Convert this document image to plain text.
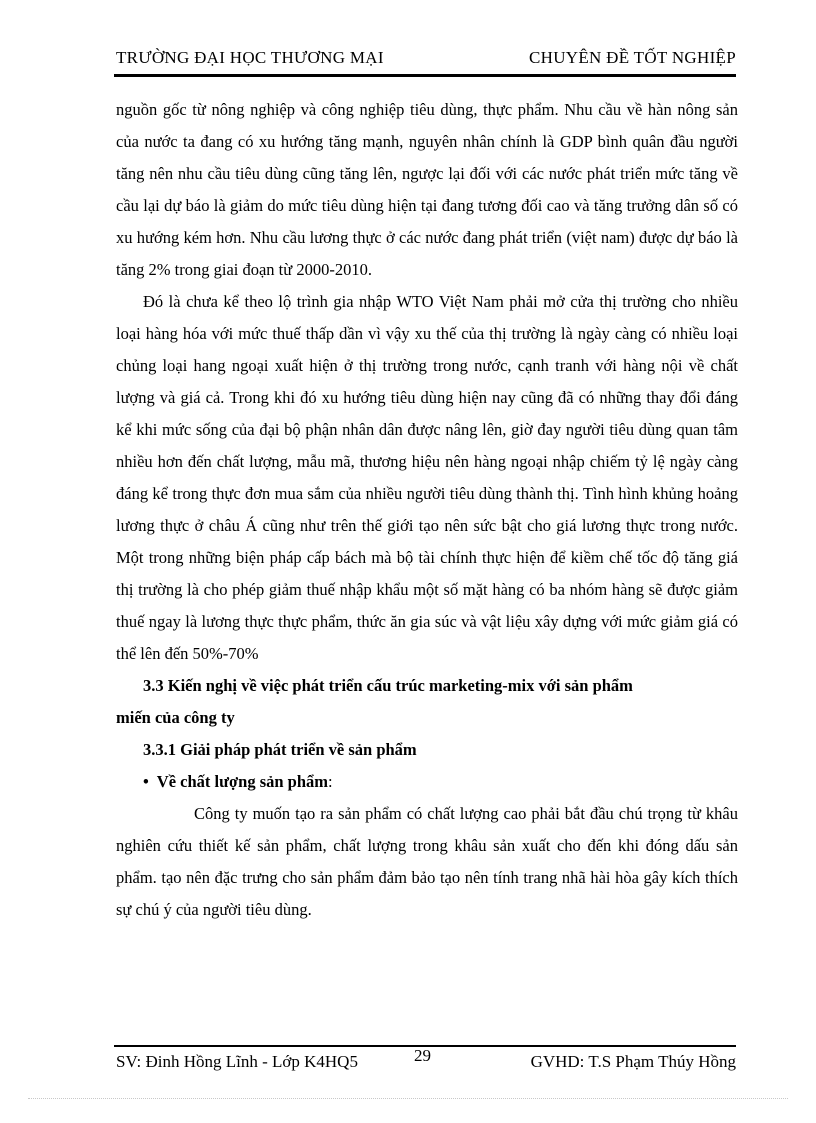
TRƯỜNG ĐẠI HỌC THƯƠNG MẠI	CHUYÊN ĐỀ TỐT NGHIỆP

nguồn gốc từ nông nghiệp và công nghiệp tiêu dùng, thực phẩm. Nhu cầu về hàn nông sản của nước ta đang có xu hướng tăng mạnh, nguyên nhân chính là GDP bình quân đầu người tăng nên nhu cầu tiêu dùng cũng tăng lên, ngược lại đối với các nước phát triển mức tăng về cầu lại dự báo là giảm do mức tiêu dùng hiện tại đang tương đối cao và tăng trưởng dân số có xu hướng kém hơn. Nhu cầu lương thực ở các nước đang phát triển (việt nam) được dự báo là tăng 2% trong giai đoạn từ 2000-2010.

Đó là chưa kể theo lộ trình gia nhập WTO Việt Nam phải mở cửa thị trường cho nhiều loại hàng hóa với mức thuế thấp dần vì vậy xu thế của thị trường là ngày càng có nhiều loại chủng loại hang ngoại xuất hiện ở thị trường trong nước, cạnh tranh với hàng nội về chất lượng và giá cả. Trong khi đó xu hướng tiêu dùng hiện nay cũng đã có những thay đổi đáng kể khi mức sống của đại bộ phận nhân dân được nâng lên, giờ đay người tiêu dùng quan tâm nhiều hơn đến chất lượng, mẫu mã, thương hiệu nên hàng ngoại nhập chiếm tỷ lệ ngày càng đáng kể trong thực đơn mua sắm của nhiều người tiêu dùng thành thị. Tình hình khủng hoảng lương thực ở châu Á cũng như trên thế giới tạo nên sức bật cho giá lương thực trong nước. Một trong những biện pháp cấp bách mà bộ tài chính thực hiện để kiềm chế tốc độ tăng giá thị trường là cho phép giảm thuế nhập khẩu một số mặt hàng có ba nhóm hàng sẽ được giảm thuế ngay là lương thực thực phẩm, thức ăn gia súc và vật liệu xây dựng với mức giảm giá có thể lên đến 50%-70%

3.3 Kiến nghị về việc phát triển cấu trúc marketing-mix với sản phẩm
miến của công ty

3.3.1 Giải pháp phát triển về sản phẩm

• Về chất lượng sản phẩm:

Công ty muốn tạo ra sản phẩm có chất lượng cao phải bắt đầu chú trọng từ khâu nghiên cứu thiết kế sản phẩm, chất lượng trong khâu sản xuất cho đến khi đóng dấu sản phẩm. tạo nên đặc trưng cho sản phẩm đảm bảo tạo nên tính trang nhã hài hòa gây kích thích sự chú ý của người tiêu dùng.

SV: Đinh Hồng Lĩnh - Lớp K4HQ5	29	GVHD: T.S Phạm Thúy Hồng
